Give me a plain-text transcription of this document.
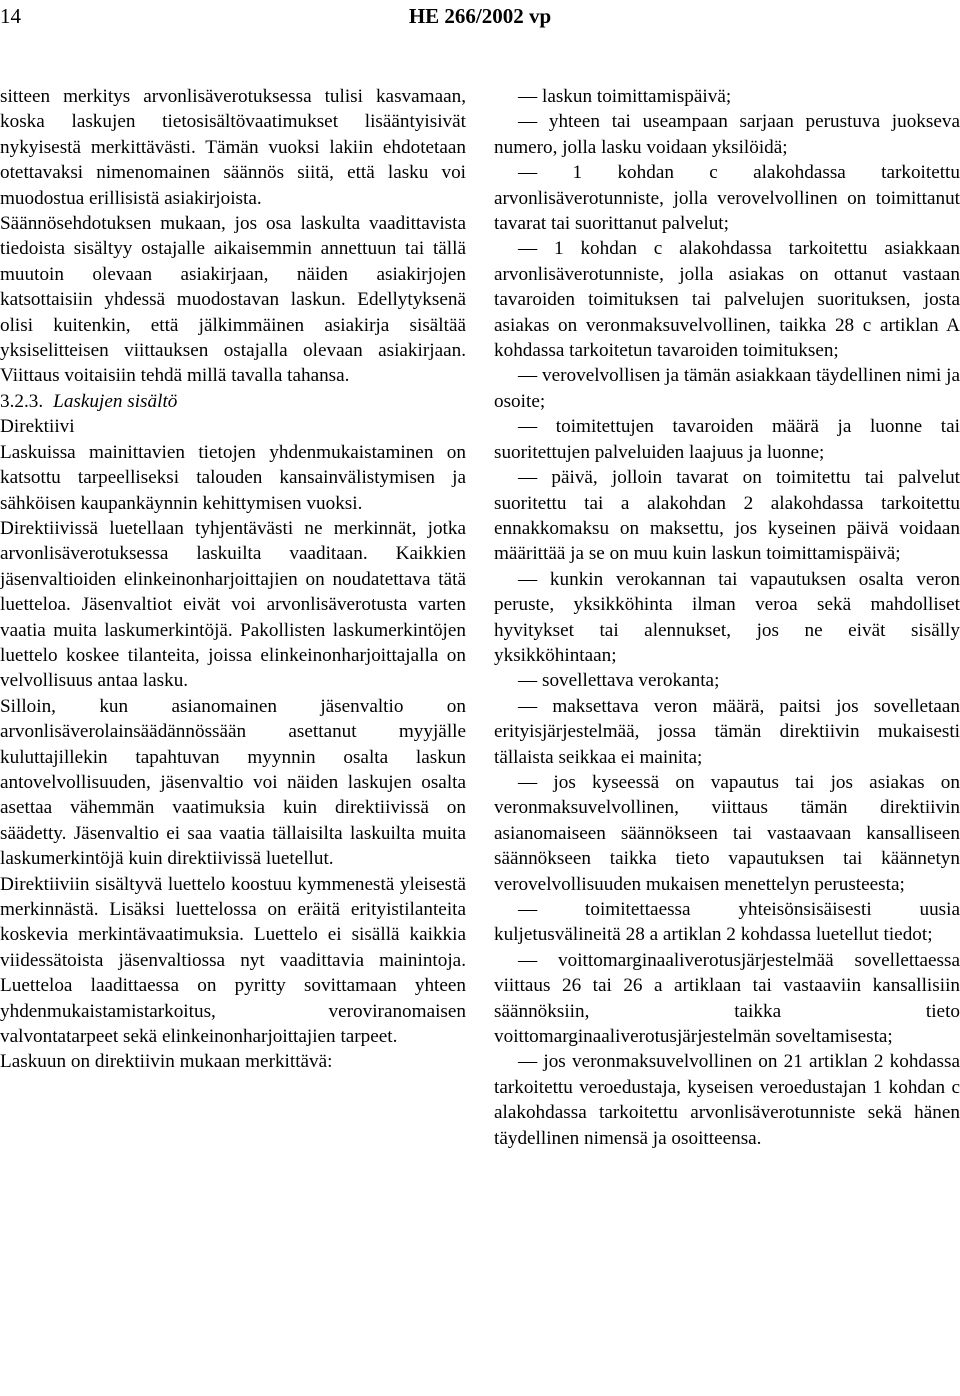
14	HE 266/2002 vp

sitteen merkitys arvonlisäverotuksessa tulisi kasvamaan, koska laskujen tietosisältövaatimukset lisääntyisivät nykyisestä merkittävästi. Tämän vuoksi lakiin ehdotetaan otettavaksi nimenomainen säännös siitä, että lasku voi muodostua erillisistä asiakirjoista.

Säännösehdotuksen mukaan, jos osa laskulta vaadittavista tiedoista sisältyy ostajalle aikaisemmin annettuun tai tällä muutoin olevaan asiakirjaan, näiden asiakirjojen katsottaisiin yhdessä muodostavan laskun. Edellytyksenä olisi kuitenkin, että jälkimmäinen asiakirja sisältää yksiselitteisen viittauksen ostajalla olevaan asiakirjaan. Viittaus voitaisiin tehdä millä tavalla tahansa.

3.2.3. Laskujen sisältö

Direktiivi

Laskuissa mainittavien tietojen yhdenmukaistaminen on katsottu tarpeelliseksi talouden kansainvälistymisen ja sähköisen kaupankäynnin kehittymisen vuoksi.

Direktiivissä luetellaan tyhjentävästi ne merkinnät, jotka arvonlisäverotuksessa laskuilta vaaditaan. Kaikkien jäsenvaltioiden elinkeinonharjoittajien on noudatettava tätä luetteloa. Jäsenvaltiot eivät voi arvonlisäverotusta varten vaatia muita laskumerkintöjä. Pakollisten laskumerkintöjen luettelo koskee tilanteita, joissa elinkeinonharjoittajalla on velvollisuus antaa lasku.

Silloin, kun asianomainen jäsenvaltio on arvonlisäverolainsäädännössään asettanut myyjälle kuluttajillekin tapahtuvan myynnin osalta laskun antovelvollisuuden, jäsenvaltio voi näiden laskujen osalta asettaa vähemmän vaatimuksia kuin direktiivissä on säädetty. Jäsenvaltio ei saa vaatia tällaisilta laskuilta muita laskumerkintöjä kuin direktiivissä luetellut.

Direktiiviin sisältyvä luettelo koostuu kymmenestä yleisestä merkinnästä. Lisäksi luettelossa on eräitä erityistilanteita koskevia merkintävaatimuksia. Luettelo ei sisällä kaikkia viidessätoista jäsenvaltiossa nyt vaadittavia mainintoja. Luetteloa laadittaessa on pyritty sovittamaan yhteen yhdenmukaistamistarkoitus, veroviranomaisen valvontatarpeet sekä elinkeinonharjoittajien tarpeet.

Laskuun on direktiivin mukaan merkittävä:

— laskun toimittamispäivä;

— yhteen tai useampaan sarjaan perustuva juokseva numero, jolla lasku voidaan yksilöidä;

— 1 kohdan c alakohdassa tarkoitettu arvonlisäverotunniste, jolla verovelvollinen on toimittanut tavarat tai suorittanut palvelut;

— 1 kohdan c alakohdassa tarkoitettu asiakkaan arvonlisäverotunniste, jolla asiakas on ottanut vastaan tavaroiden toimituksen tai palvelujen suorituksen, josta asiakas on veronmaksuvelvollinen, taikka 28 c artiklan A kohdassa tarkoitetun tavaroiden toimituksen;

— verovelvollisen ja tämän asiakkaan täydellinen nimi ja osoite;

— toimitettujen tavaroiden määrä ja luonne tai suoritettujen palveluiden laajuus ja luonne;

— päivä, jolloin tavarat on toimitettu tai palvelut suoritettu tai a alakohdan 2 alakohdassa tarkoitettu ennakkomaksu on maksettu, jos kyseinen päivä voidaan määrittää ja se on muu kuin laskun toimittamispäivä;

— kunkin verokannan tai vapautuksen osalta veron peruste, yksikköhinta ilman veroa sekä mahdolliset hyvitykset tai alennukset, jos ne eivät sisälly yksikköhintaan;

— sovellettava verokanta;

— maksettava veron määrä, paitsi jos sovelletaan erityisjärjestelmää, jossa tämän direktiivin mukaisesti tällaista seikkaa ei mainita;

— jos kyseessä on vapautus tai jos asiakas on veronmaksuvelvollinen, viittaus tämän direktiivin asianomaiseen säännökseen tai vastaavaan kansalliseen säännökseen taikka tieto vapautuksen tai käännetyn verovelvollisuuden mukaisen menettelyn perusteesta;

— toimitettaessa yhteisönsisäisesti uusia kuljetusvälineitä 28 a artiklan 2 kohdassa luetellut tiedot;

— voittomarginaaliverotusjärjestelmää sovellettaessa viittaus 26 tai 26 a artiklaan tai vastaaviin kansallisiin säännöksiin, taikka tieto voittomarginaaliverotusjärjestelmän soveltamisesta;

— jos veronmaksuvelvollinen on 21 artiklan 2 kohdassa tarkoitettu veroedustaja, kyseisen veroedustajan 1 kohdan c alakohdassa tarkoitettu arvonlisäverotunniste sekä hänen täydellinen nimensä ja osoitteensa.
